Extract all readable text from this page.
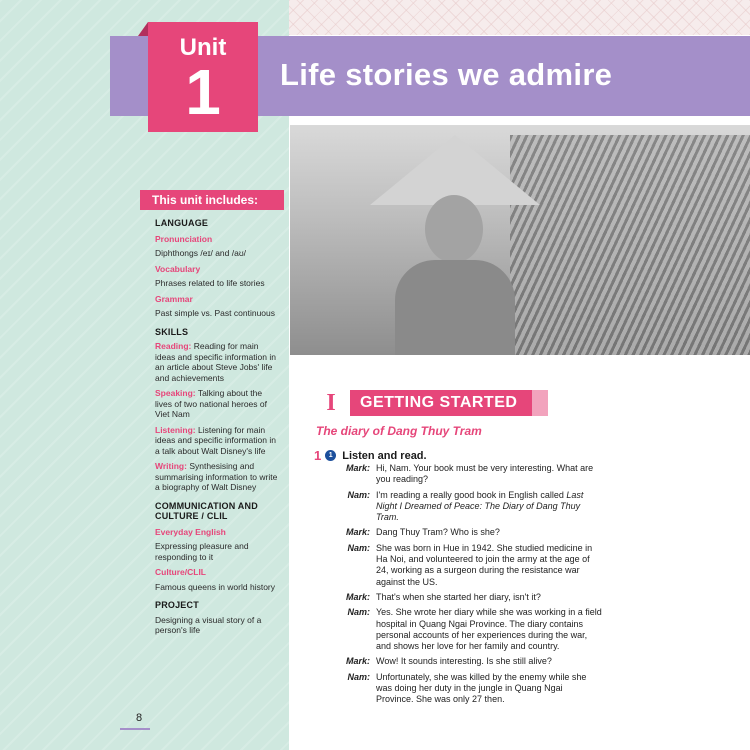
Unit
1	Life stories we admire
This unit includes:
LANGUAGE
Pronunciation
Diphthongs /eɪ/ and /aʊ/
Vocabulary
Phrases related to life stories
Grammar
Past simple vs. Past continuous
SKILLS
Reading: Reading for main ideas and specific information in an article about Steve Jobs' life and achievements
Speaking: Talking about the lives of two national heroes of Viet Nam
Listening: Listening for main ideas and specific information in a talk about Walt Disney's life
Writing: Synthesising and summarising information to write a biography of Walt Disney
COMMUNICATION AND CULTURE / CLIL
Everyday English
Expressing pleasure and responding to it
Culture/CLIL
Famous queens in world history
PROJECT
Designing a visual story of a person's life
8
I	GETTING STARTED
The diary of Dang Thuy Tram
1	1 Listen and read.
Mark: Hi, Nam. Your book must be very interesting. What are you reading?
Nam: I'm reading a really good book in English called Last Night I Dreamed of Peace: The Diary of Dang Thuy Tram.
Mark: Dang Thuy Tram? Who is she?
Nam: She was born in Hue in 1942. She studied medicine in Ha Noi, and volunteered to join the army at the age of 24, working as a surgeon during the resistance war against the US.
Mark: That's when she started her diary, isn't it?
Nam: Yes. She wrote her diary while she was working in a field hospital in Quang Ngai Province. The diary contains personal accounts of her experiences during the war, and shows her love for her family and country.
Mark: Wow! It sounds interesting. Is she still alive?
Nam: Unfortunately, she was killed by the enemy while she was doing her duty in the jungle in Quang Ngai Province. She was only 27 then.
